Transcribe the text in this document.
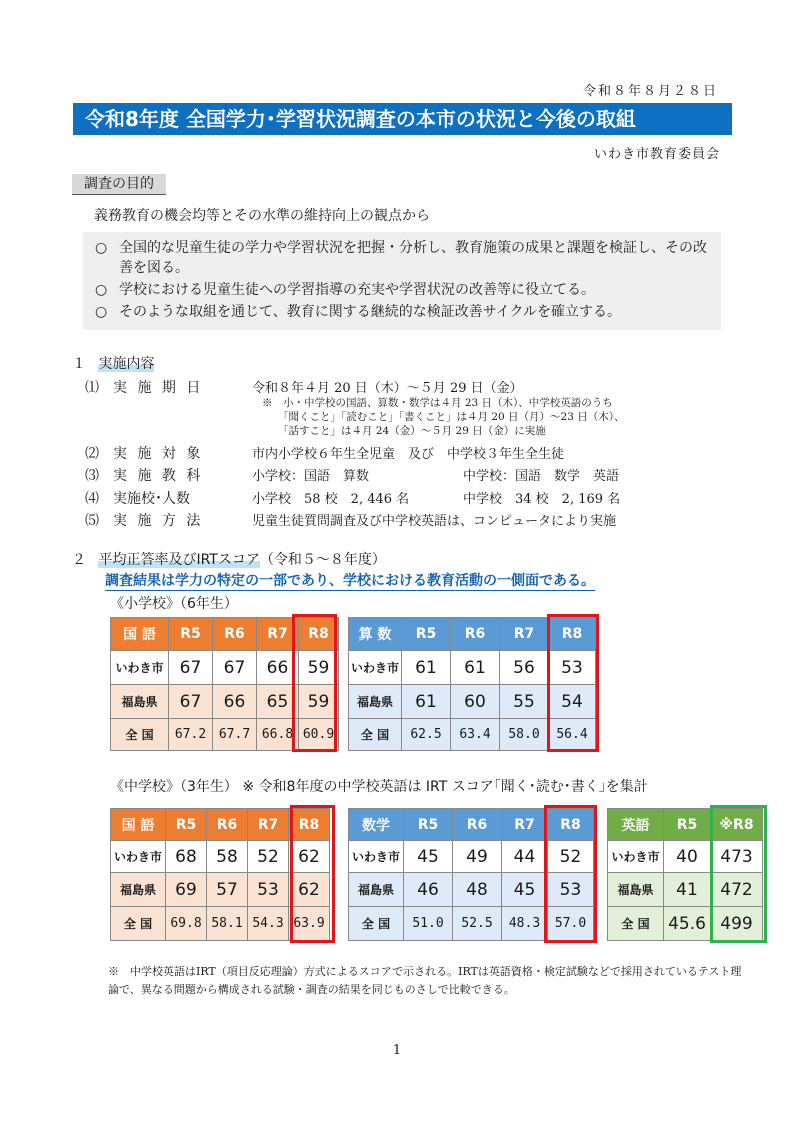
令和８年８月２８日
令和8年度 全国学力･学習状況調査の本市の状況と今後の取組
いわき市教育委員会
調査の目的
義務教育の機会均等とその水準の維持向上の観点から
○ 全国的な児童生徒の学力や学習状況を把握・分析し、教育施策の成果と課題を検証し、その改善を図る。
○ 学校における児童生徒への学習指導の充実や学習状況の改善等に役立てる。
○ そのような取組を通じて、教育に関する継続的な検証改善サイクルを確立する。
１ 実施内容
⑴ 実 施 期 日	令和８年４月 20 日（木）～５月 29 日（金）
※　小・中学校の国語、算数・数学は４月 23 日（木）、中学校英語のうち
「聞くこと」「読むこと」「書くこと」は４月 20 日（月）～23 日（木）、
「話すこと」は４月 24（金）～５月 29 日（金）に実施
⑵ 実 施 対 象	市内小学校６年生全児童　及び　中学校３年生全生徒
⑶ 実 施 教 科	小学校：国語　算数	中学校：国語　数学　英語
⑷ 実施校･人数	小学校　58 校　2, 446 名	中学校　34 校　2, 169 名
⑸ 実 施 方 法	児童生徒質問調査及び中学校英語は、コンピュータにより実施
２ 平均正答率及びIRTスコア（令和５～８年度）
調査結果は学力の特定の一部であり、学校における教育活動の一側面である。
《小学校》（6年生）
国 語	R5	R6	R7	R8
いわき市	67	67	66	59
福島県	67	66	65	59
全 国	67.2	67.7	66.8	60.9
算 数	R5	R6	R7	R8
いわき市	61	61	56	53
福島県	61	60	55	54
全 国	62.5	63.4	58.0	56.4
《中学校》（3年生） ※ 令和8年度の中学校英語は IRT スコア｢聞く･読む･書く｣を集計
国 語	R5	R6	R7	R8
いわき市	68	58	52	62
福島県	69	57	53	62
全 国	69.8	58.1	54.3	63.9
数学	R5	R6	R7	R8
いわき市	45	49	44	52
福島県	46	48	45	53
全 国	51.0	52.5	48.3	57.0
英語	R5	※R8
いわき市	40	473
福島県	41	472
全 国	45.6	499
※　中学校英語はIRT（項目反応理論）方式によるスコアで示される。IRTは英語資格・検定試験などで採用されているテスト理論で、異なる問題から構成される試験・調査の結果を同じものさしで比較できる。
1
